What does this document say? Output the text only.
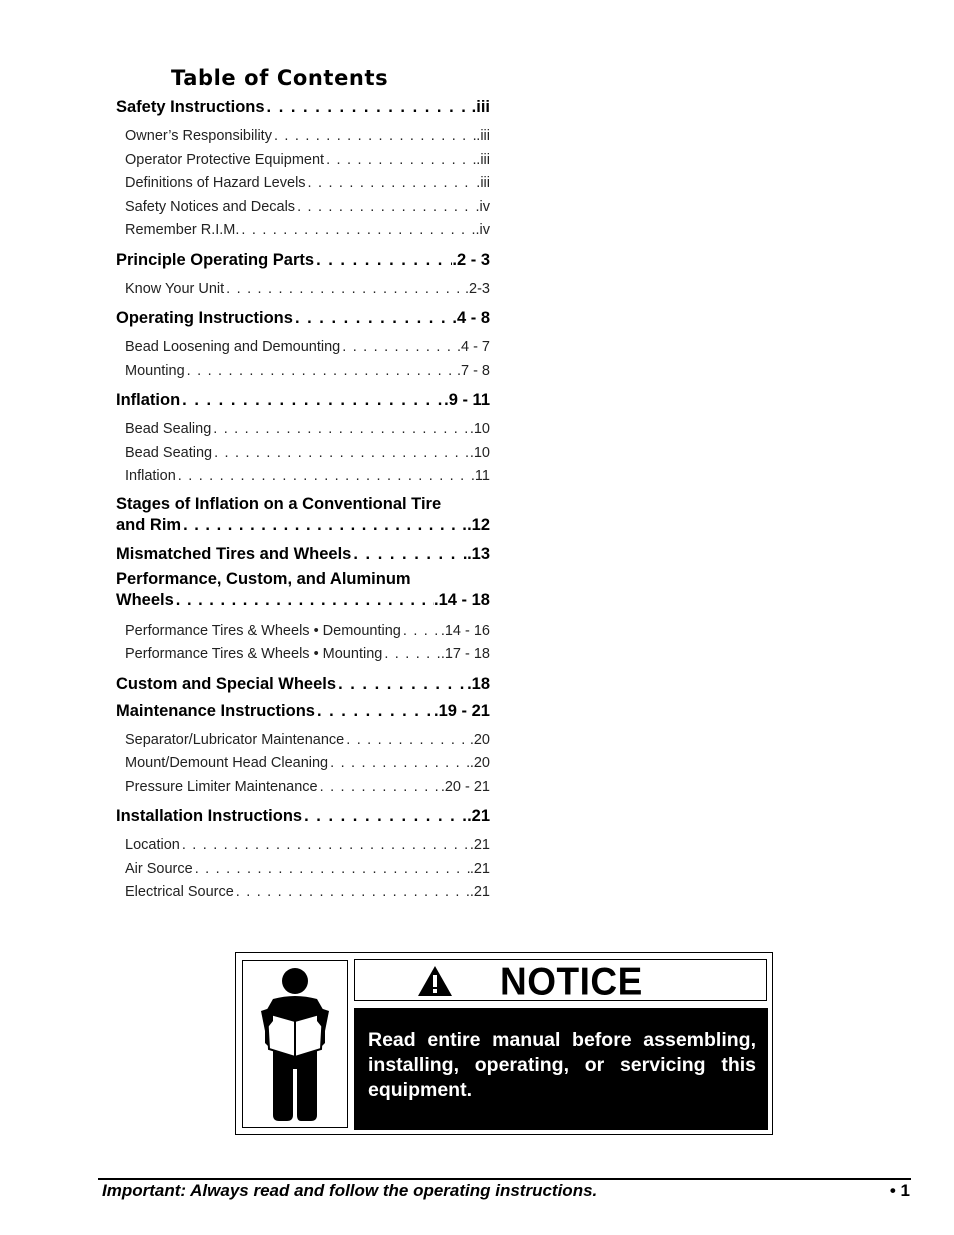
Table of Contents
Safety Instructions . . .	.iii
Owner’s Responsibility . . .	.iii
Operator Protective Equipment . . .	.iii
Definitions of Hazard Levels . . .	.iii
Safety Notices and Decals . . .	.iv
Remember R.I.M. . . .	.iv
Principle Operating Parts . . .	.2 - 3
Know Your Unit . . .	.2-3
Operating Instructions . . .	.4 - 8
Bead Loosening and Demounting . . .	.4 - 7
Mounting . . .	.7 - 8
Inflation . . .	.9 - 11
Bead Sealing . . .	.10
Bead Seating . . .	.10
Inflation . . .	.11
Stages of Inflation on a Conventional Tire
and Rim . . .	.12
Mismatched Tires and Wheels . . .	.13
Performance, Custom, and Aluminum
Wheels . . .	.14 - 18
Performance Tires & Wheels • Demounting . . .	.14 - 16
Performance Tires & Wheels • Mounting . . .	.17 - 18
Custom and Special Wheels . . .	.18
Maintenance Instructions . . .	.19 - 21
Separator/Lubricator Maintenance . . .	.20
Mount/Demount Head Cleaning . . .	.20
Pressure Limiter Maintenance . . .	.20 - 21
Installation Instructions . . .	.21
Location . . .	.21
Air Source . . .	.21
Electrical Source . . .	.21
NOTICE
Read entire manual before assembling, installing, operating, or servicing this equipment.
Important: Always read and follow the operating instructions.	• 1
